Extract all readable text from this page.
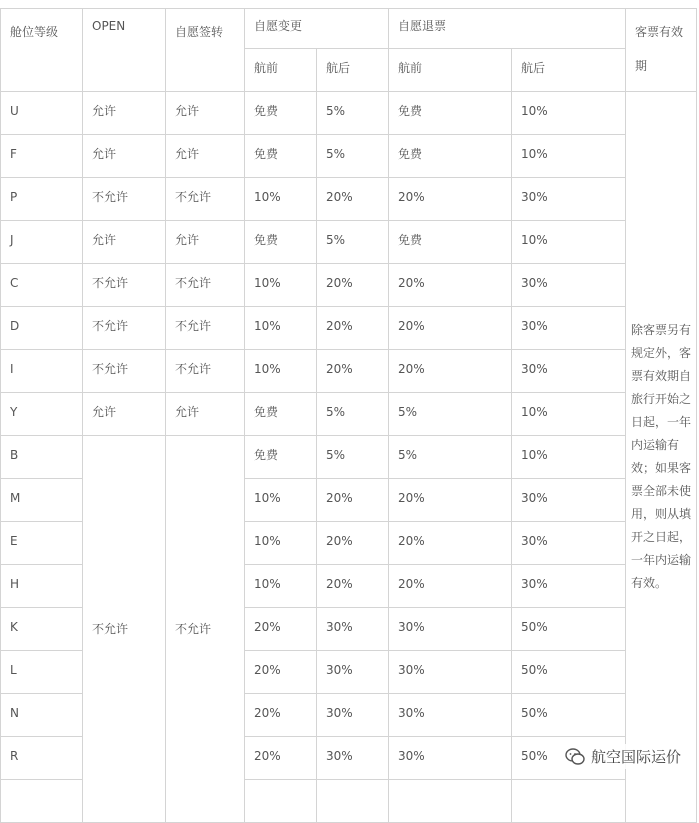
舱位等级	OPEN	自愿签转	自愿变更		自愿退票		客票有效期
			航前	航后	航前	航后	
U	允许	允许	免费	5%	免费	10%	除客票另有规定外，客票有效期自旅行开始之日起，一年内运输有效；如果客票全部未使用，则从填开之日起，一年内运输有效。
F	允许	允许	免费	5%	免费	10%	
P	不允许	不允许	10%	20%	20%	30%	
J	允许	允许	免费	5%	免费	10%	
C	不允许	不允许	10%	20%	20%	30%	
D	不允许	不允许	10%	20%	20%	30%	
I	不允许	不允许	10%	20%	20%	30%	
Y	允许	允许	免费	5%	5%	10%	
B	不允许	不允许	免费	5%	5%	10%	
M			10%	20%	20%	30%	
E			10%	20%	20%	30%	
H			10%	20%	20%	30%	
K			20%	30%	30%	50%	
L			20%	30%	30%	50%	
N			20%	30%	30%	50%	
R			20%	30%	30%	50%	
					航空国际运价
